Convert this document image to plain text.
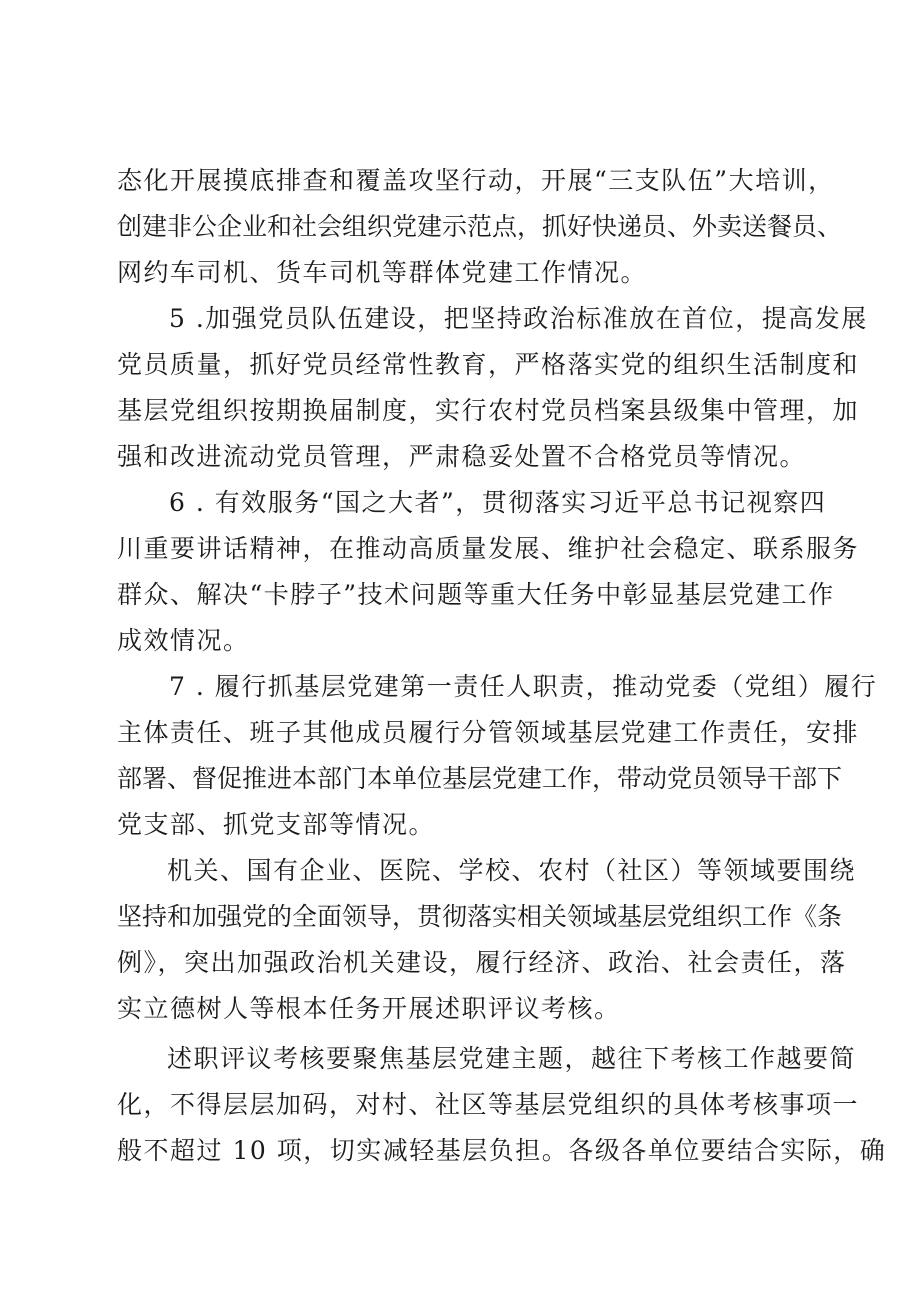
态化开展摸底排查和覆盖攻坚行动，开展“三支队伍”大培训，
创建非公企业和社会组织党建示范点，抓好快递员、外卖送餐员、
网约车司机、货车司机等群体党建工作情况。
5 .加强党员队伍建设，把坚持政治标准放在首位，提高发展
党员质量，抓好党员经常性教育，严格落实党的组织生活制度和
基层党组织按期换届制度，实行农村党员档案县级集中管理，加
强和改进流动党员管理，严肃稳妥处置不合格党员等情况。
6 . 有效服务“国之大者”，贯彻落实习近平总书记视察四
川重要讲话精神，在推动高质量发展、维护社会稳定、联系服务
群众、解决“卡脖子”技术问题等重大任务中彰显基层党建工作
成效情况。
7 . 履行抓基层党建第一责任人职责，推动党委（党组）履行
主体责任、班子其他成员履行分管领域基层党建工作责任，安排
部署、督促推进本部门本单位基层党建工作，带动党员领导干部下
党支部、抓党支部等情况。
机关、国有企业、医院、学校、农村（社区）等领域要围绕
坚持和加强党的全面领导，贯彻落实相关领域基层党组织工作《条
例》，突出加强政治机关建设，履行经济、政治、社会责任，落
实立德树人等根本任务开展述职评议考核。
述职评议考核要聚焦基层党建主题，越往下考核工作越要简
化，不得层层加码，对村、社区等基层党组织的具体考核事项一
般不超过 10 项，切实减轻基层负担。各级各单位要结合实际，确
